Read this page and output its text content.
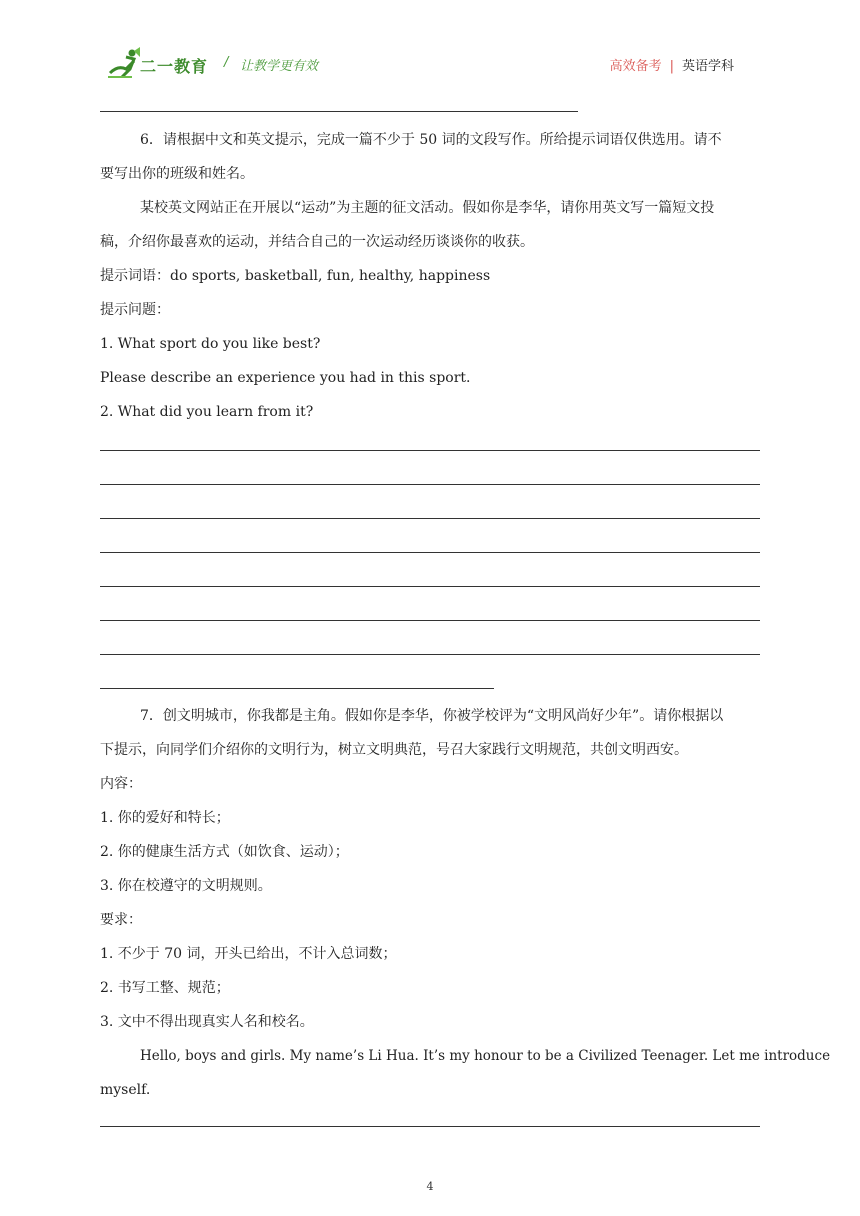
二一教育 / 让教学更有效	高效备考 | 英语学科
6．请根据中文和英文提示，完成一篇不少于 50 词的文段写作。所给提示词语仅供选用。请不
要写出你的班级和姓名。
某校英文网站正在开展以“运动”为主题的征文活动。假如你是李华，请你用英文写一篇短文投
稿，介绍你最喜欢的运动，并结合自己的一次运动经历谈谈你的收获。
提示词语：do sports, basketball, fun, healthy, happiness
提示问题：
1. What sport do you like best?
Please describe an experience you had in this sport.
2. What did you learn from it?
7．创文明城市，你我都是主角。假如你是李华，你被学校评为“文明风尚好少年”。请你根据以
下提示，向同学们介绍你的文明行为，树立文明典范，号召大家践行文明规范，共创文明西安。
内容：
1. 你的爱好和特长；
2. 你的健康生活方式（如饮食、运动）；
3. 你在校遵守的文明规则。
要求：
1. 不少于 70 词，开头已给出，不计入总词数；
2. 书写工整、规范；
3. 文中不得出现真实人名和校名。
Hello, boys and girls. My name’s Li Hua. It’s my honour to be a Civilized Teenager. Let me introduce
myself.
4
